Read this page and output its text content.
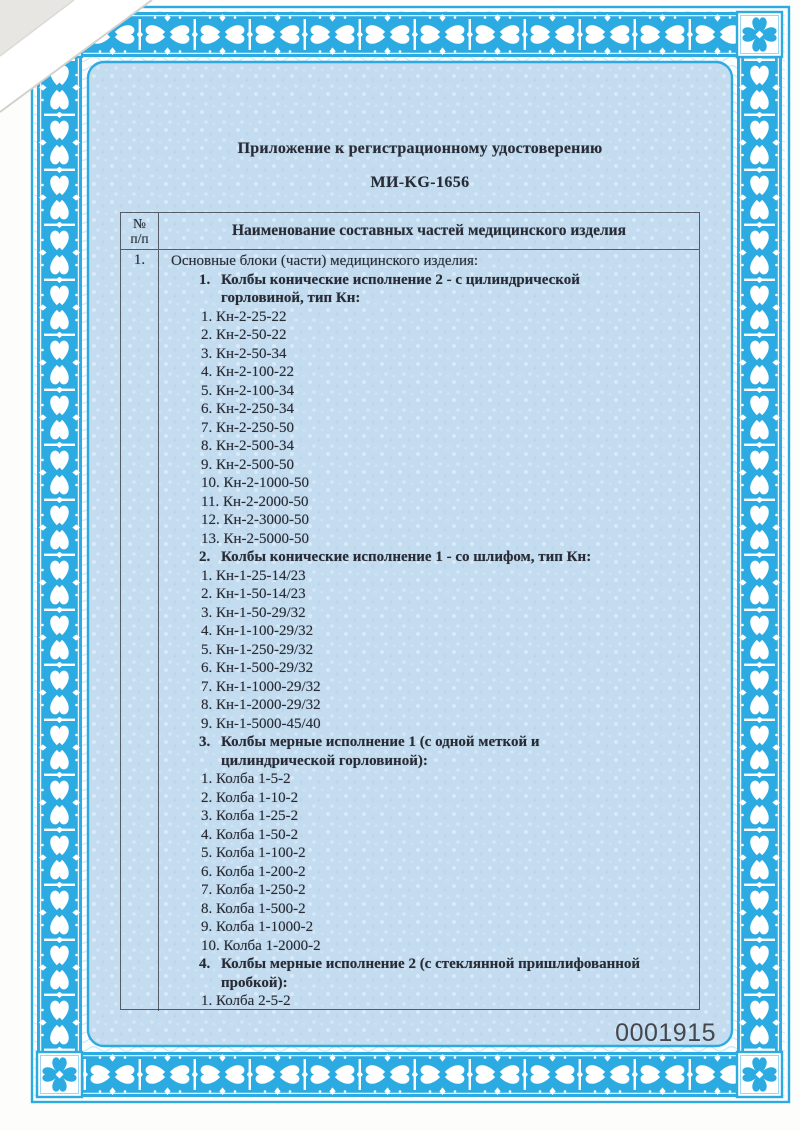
Приложение к регистрационному удостоверению
МИ-KG-1656
№
п/п	Наименование составных частей медицинского изделия
1.	Основные блоки (части) медицинского изделия:
1. Колбы конические исполнение 2 - с цилиндрической
горловиной, тип Кн:
1. Кн-2-25-22
2. Кн-2-50-22
3. Кн-2-50-34
4. Кн-2-100-22
5. Кн-2-100-34
6. Кн-2-250-34
7. Кн-2-250-50
8. Кн-2-500-34
9. Кн-2-500-50
10. Кн-2-1000-50
11. Кн-2-2000-50
12. Кн-2-3000-50
13. Кн-2-5000-50
2. Колбы конические исполнение 1 - со шлифом, тип Кн:
1. Кн-1-25-14/23
2. Кн-1-50-14/23
3. Кн-1-50-29/32
4. Кн-1-100-29/32
5. Кн-1-250-29/32
6. Кн-1-500-29/32
7. Кн-1-1000-29/32
8. Кн-1-2000-29/32
9. Кн-1-5000-45/40
3. Колбы мерные исполнение 1 (с одной меткой и
цилиндрической горловиной):
1. Колба 1-5-2
2. Колба 1-10-2
3. Колба 1-25-2
4. Колба 1-50-2
5. Колба 1-100-2
6. Колба 1-200-2
7. Колба 1-250-2
8. Колба 1-500-2
9. Колба 1-1000-2
10. Колба 1-2000-2
4. Колбы мерные исполнение 2 (с стеклянной пришлифованной
пробкой):
1. Колба 2-5-2
0001915
